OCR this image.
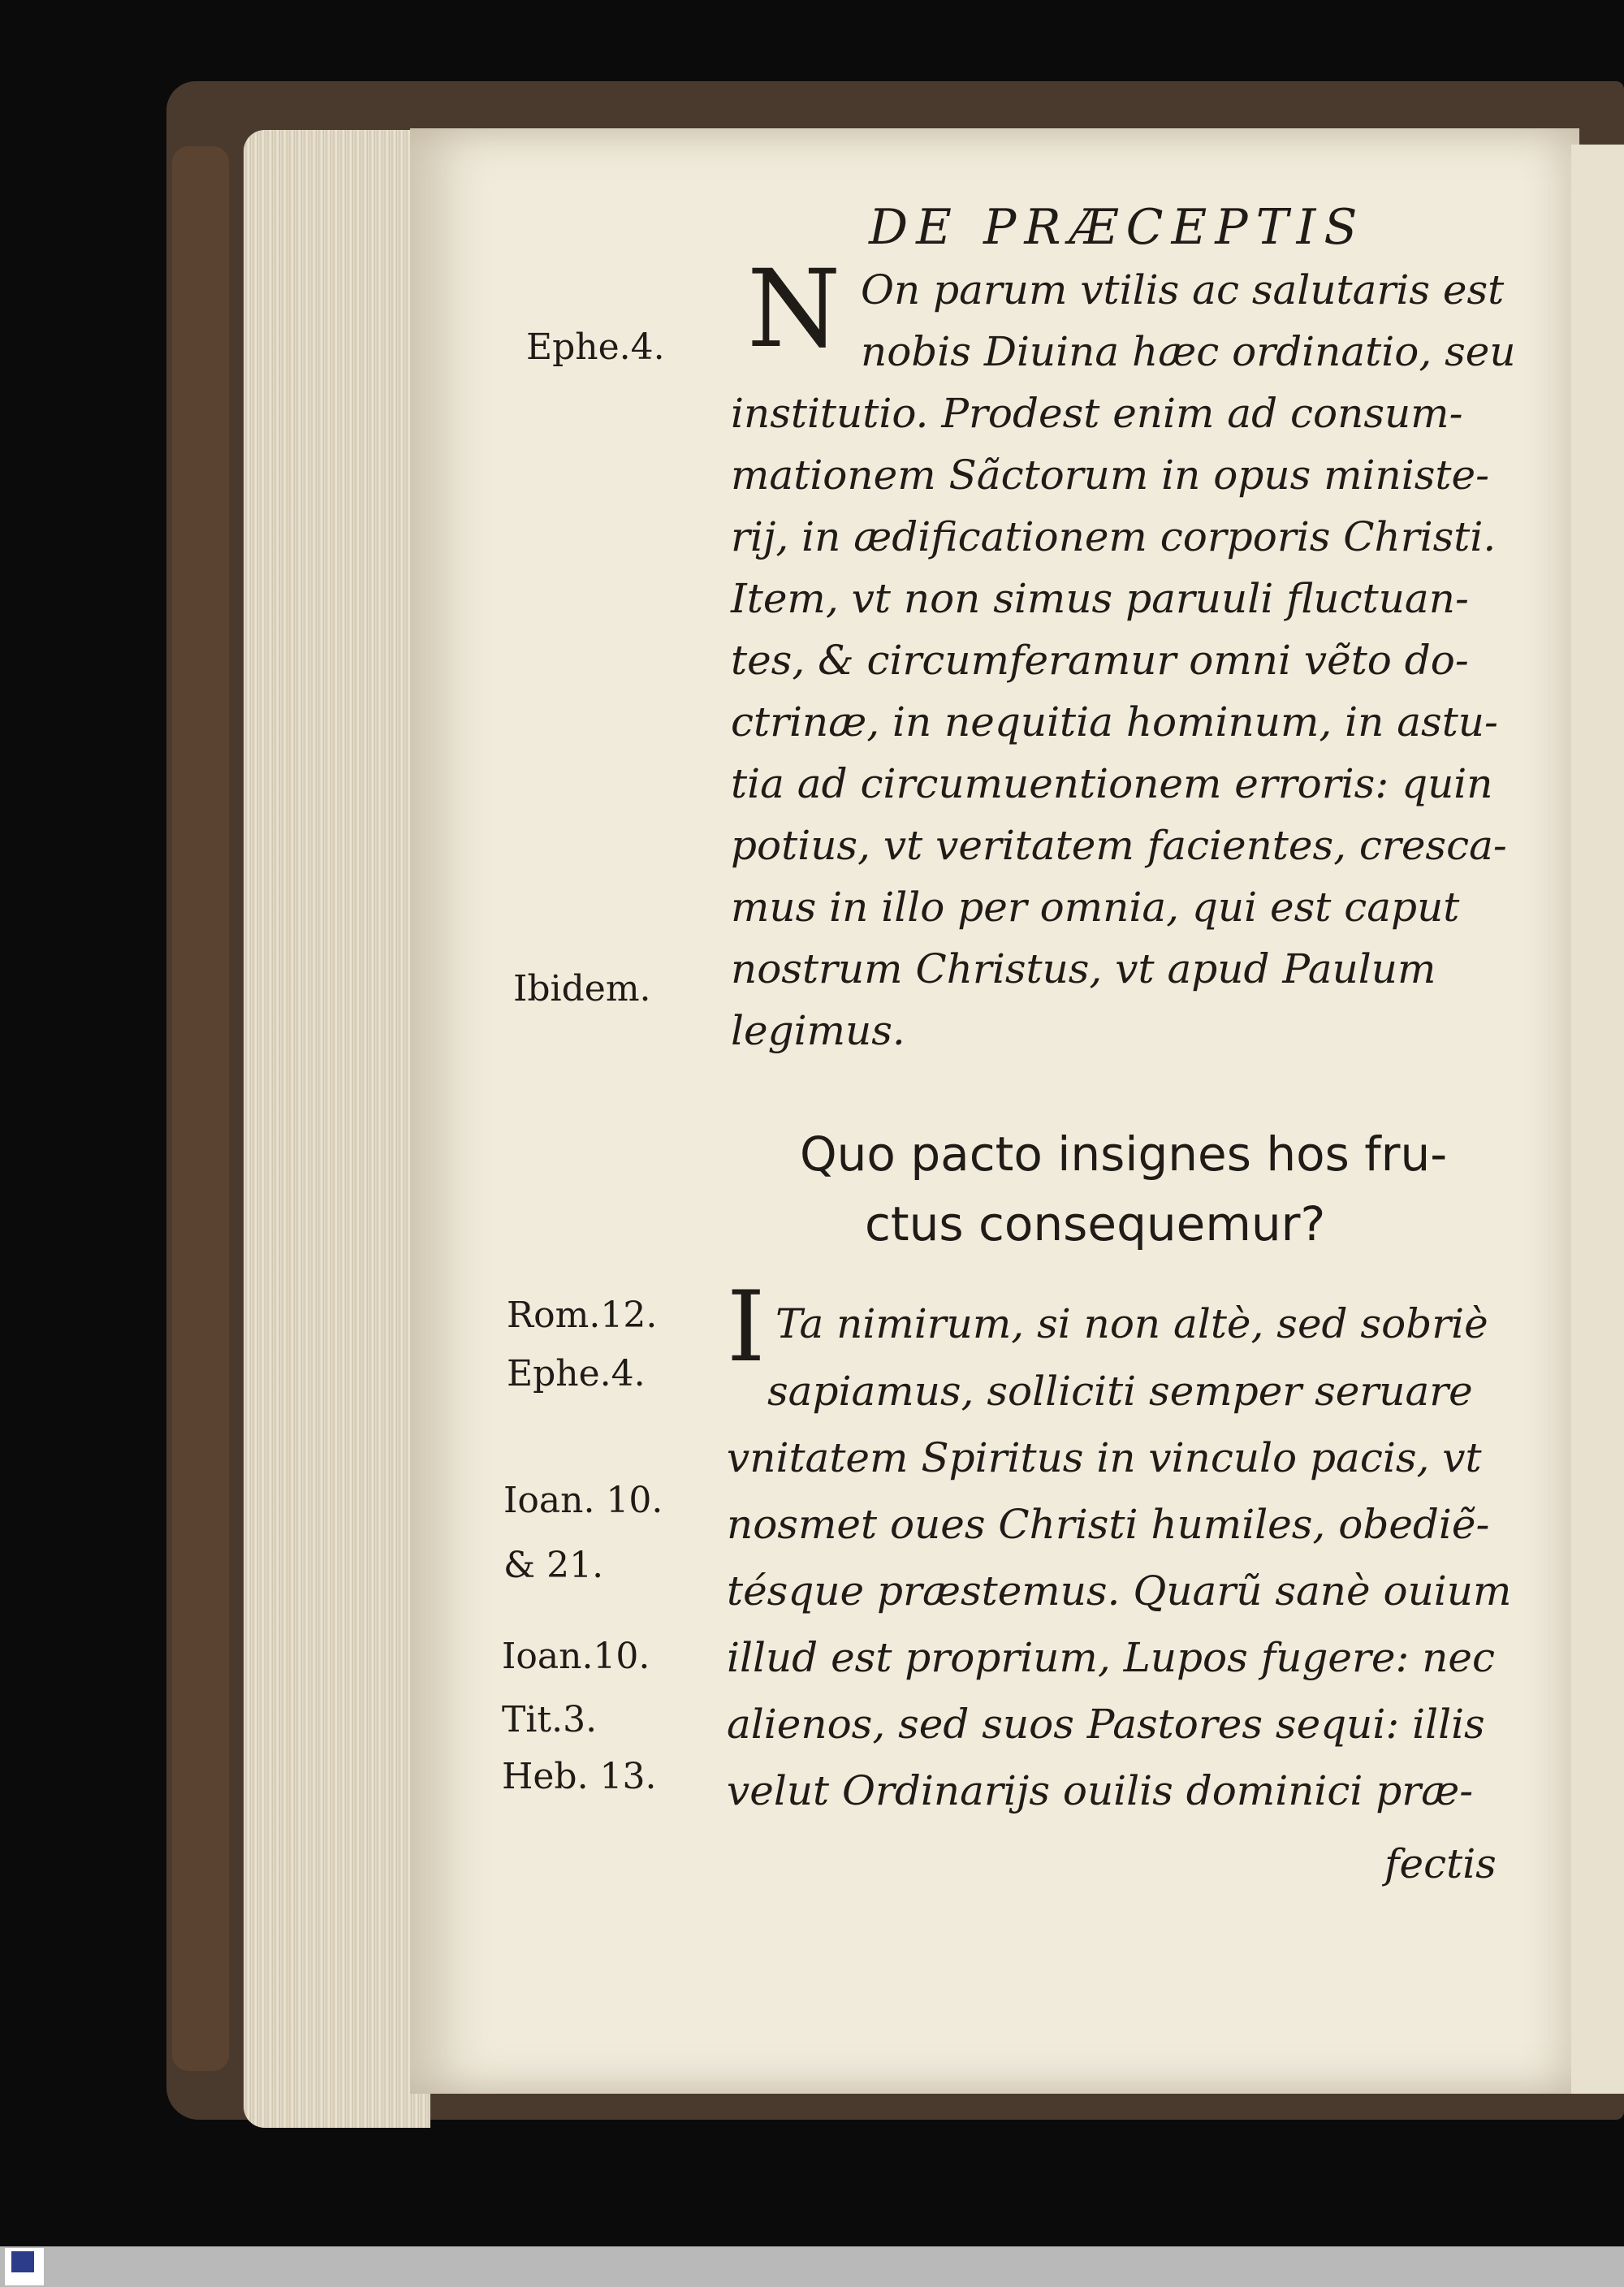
DE PRÆCEPTIS
N On parum vtilis ac salutaris est
nobis Diuina hæc ordinatio, seu
institutio. Prodest enim ad consum-
mationem Sãctorum in opus ministe-
rij, in ædificationem corporis Christi.
Item, vt non simus paruuli fluctuan-
tes, & circumferamur omni vẽto do-
ctrinæ, in nequitia hominum, in astu-
tia ad circumuentionem erroris: quin
potius, vt veritatem facientes, cresca-
mus in illo per omnia, qui est caput
nostrum Christus, vt apud Paulum
legimus.
Quo pacto insignes hos fru-
ctus consequemur?
I Ta nimirum, si non altè, sed sobriè
sapiamus, solliciti semper seruare
vnitatem Spiritus in vinculo pacis, vt
nosmet oues Christi humiles, obediẽ-
tésque præstemus. Quarũ sanè ouium
illud est proprium, Lupos fugere: nec
alienos, sed suos Pastores sequi: illis
velut Ordinarijs ouilis dominici præ-
fectis
Ephe.4.
Ibidem.
Rom.12.
Ephe.4.
Ioan. 10.
& 21.
Ioan.10.
Tit.3.
Heb. 13.
